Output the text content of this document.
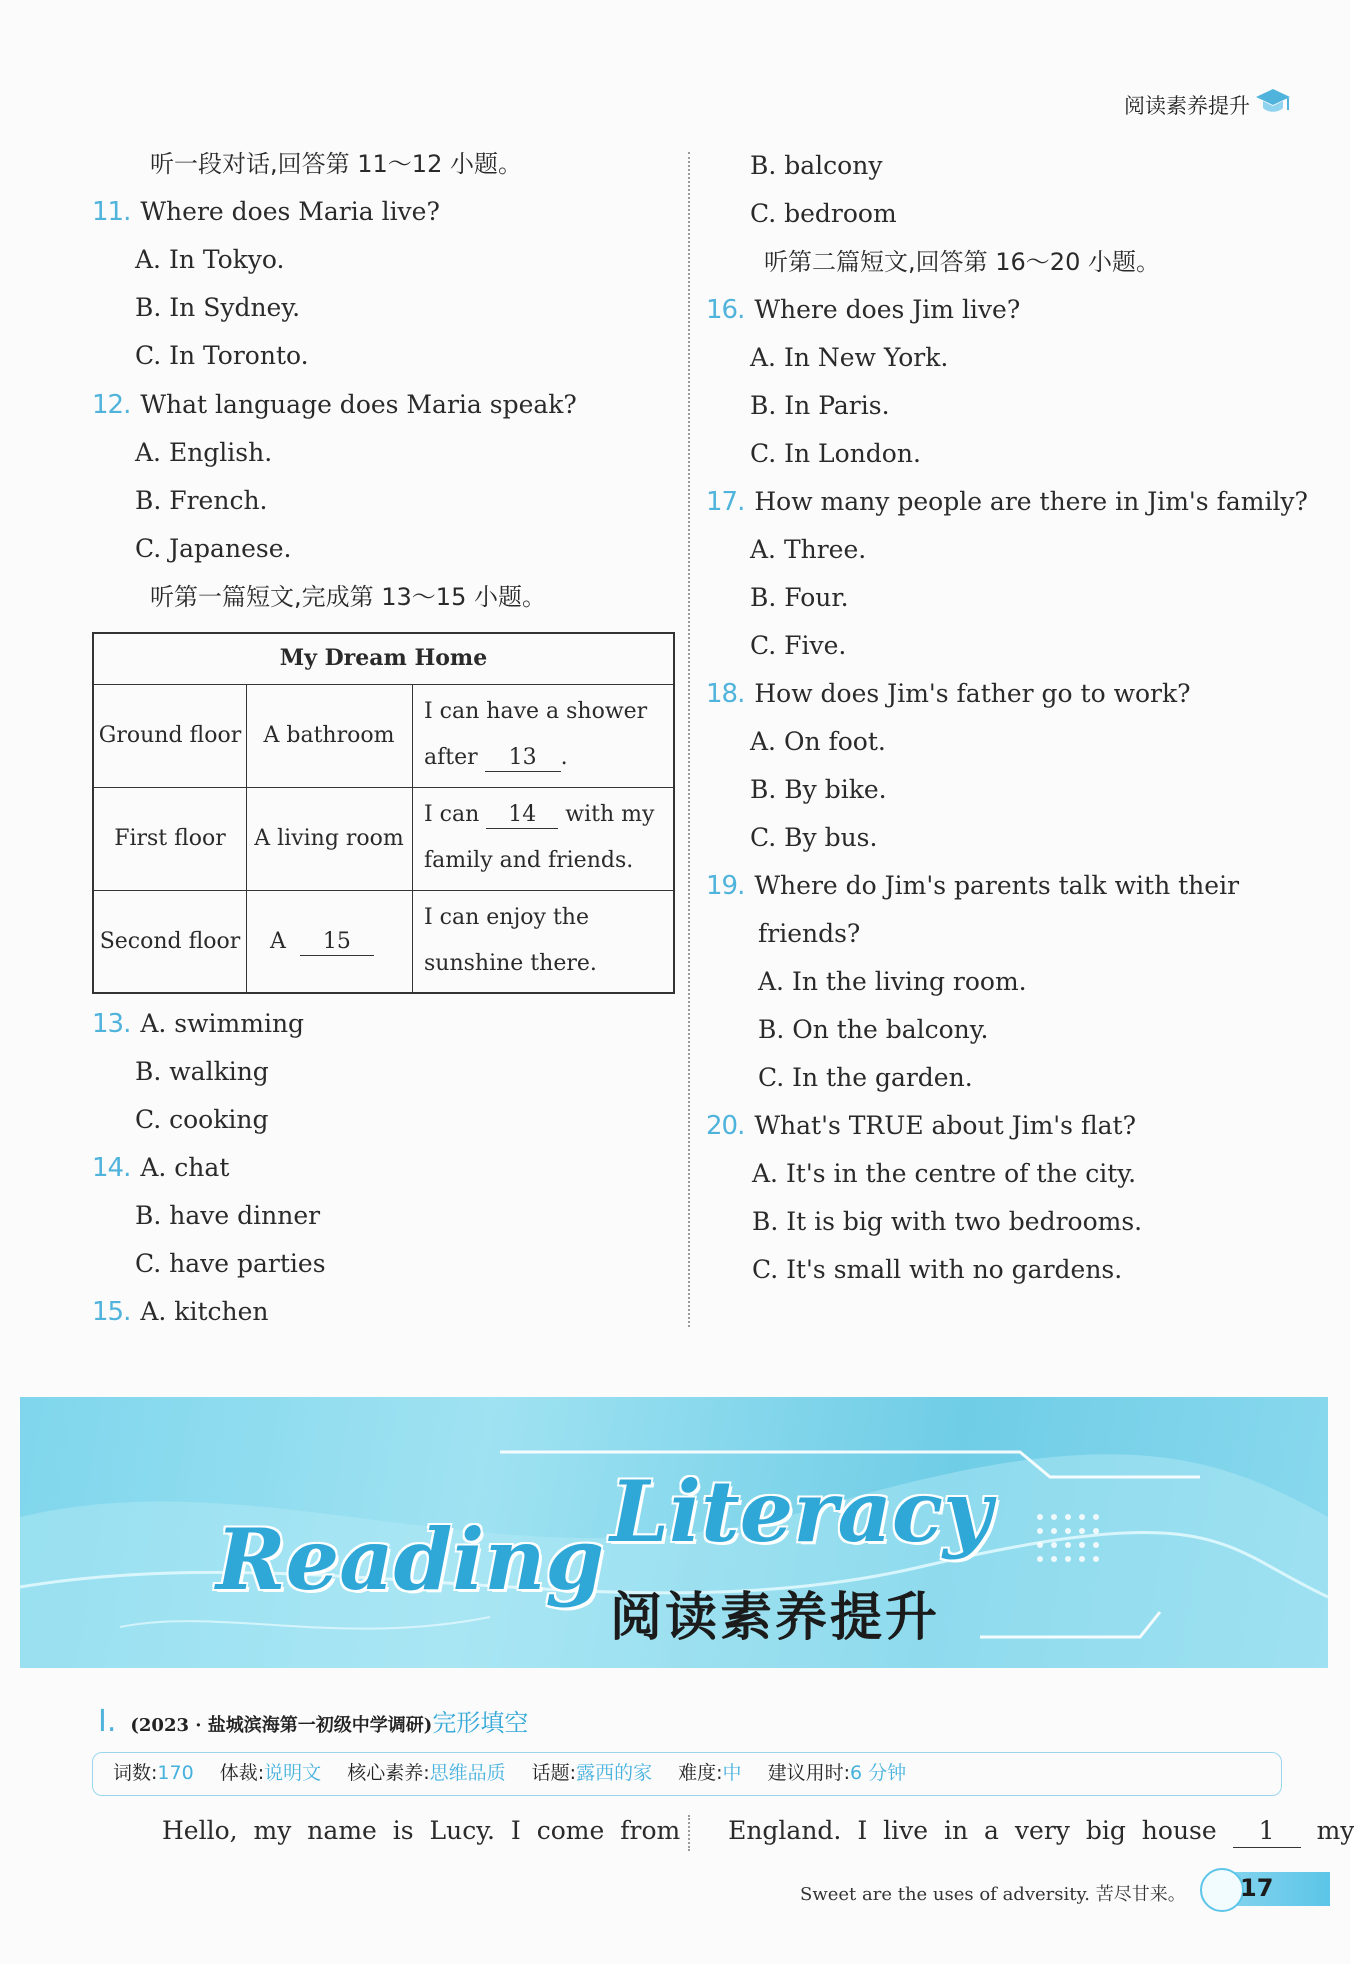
阅读素养提升
听一段对话,回答第 11～12 小题。
11. Where does Maria live?
A. In Tokyo.
B. In Sydney.
C. In Toronto.
12. What language does Maria speak?
A. English.
B. French.
C. Japanese.
听第一篇短文,完成第 13～15 小题。
My Dream Home
Ground floor	A bathroom
I can have a shower
after 13 .
First floor	A living room
I can 14 with my
family and friends.
Second floor A 15
I can enjoy the
sunshine there.
13. A. swimming
B. walking
C. cooking
14. A. chat
B. have dinner
C. have parties
15. A. kitchen
B. balcony
C. bedroom
听第二篇短文,回答第 16～20 小题。
16. Where does Jim live?
A. In New York.
B. In Paris.
C. In London.
17. How many people are there in Jim's family?
A. Three.
B. Four.
C. Five.
18. How does Jim's father go to work?
A. On foot.
B. By bike.
C. By bus.
19. Where do Jim's parents talk with their
friends?
A. In the living room.
B. On the balcony.
C. In the garden.
20. What's TRUE about Jim's flat?
A. It's in the centre of the city.
B. It is big with two bedrooms.
C. It's small with no gardens.
Reading Literacy
阅读素养提升
Ⅰ. (2023 · 盐城滨海第一初级中学调研)完形填空
词数:170 体裁:说明文 核心素养:思维品质 话题:露西的家 难度:中 建议用时:6 分钟
Hello, my name is Lucy. I come from England. I live in a very big house 1 my
Sweet are the uses of adversity. 苦尽甘来。 17
